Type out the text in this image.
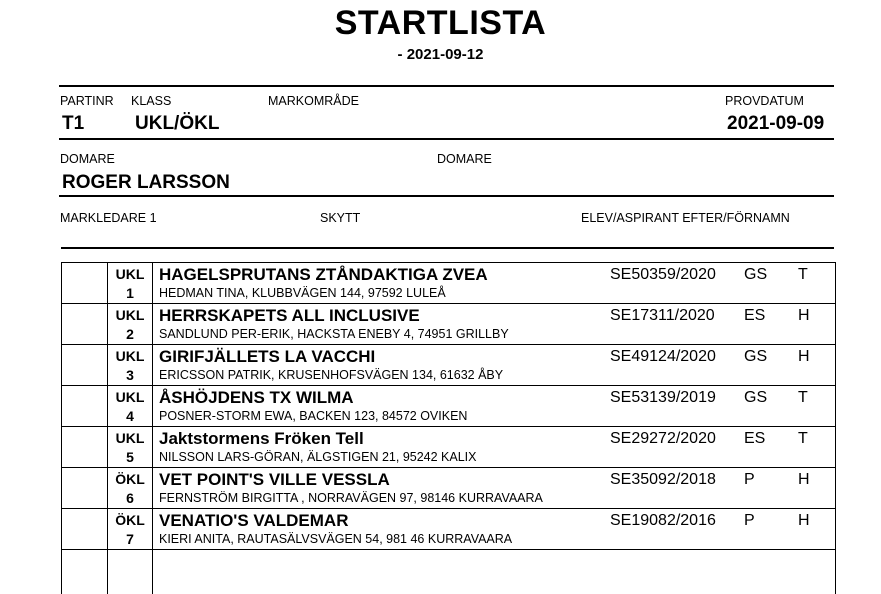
STARTLISTA
- 2021-09-12
PARTINR KLASS	MARKOMRÅDE	PROVDATUM
T1	UKL/ÖKL	2021-09-09
DOMARE	DOMARE
ROGER LARSSON
MARKLEDARE 1	SKYTT	ELEV/ASPIRANT EFTER/FÖRNAMN
UKL
1
HAGELSPRUTANS ZTÅNDAKTIGA ZVEA
HEDMAN TINA, KLUBBVÄGEN 144, 97592 LULEÅ
SE50359/2020 GS T
UKL
2
HERRSKAPETS ALL INCLUSIVE
SANDLUND PER-ERIK, HACKSTA ENEBY 4, 74951 GRILLBY
SE17311/2020 ES H
UKL
3
GIRIFJÄLLETS LA VACCHI
ERICSSON PATRIK, KRUSENHOFSVÄGEN 134, 61632 ÅBY
SE49124/2020 GS H
UKL
4
ÅSHÖJDENS TX WILMA
POSNER-STORM EWA, BACKEN 123, 84572 OVIKEN
SE53139/2019 GS T
UKL
5
Jaktstormens Fröken Tell
NILSSON LARS-GÖRAN, ÄLGSTIGEN 21, 95242 KALIX
SE29272/2020 ES T
ÖKL
6
VET POINT'S VILLE VESSLA
FERNSTRÖM BIRGITTA , NORRAVÄGEN 97, 98146 KURRAVAARA
SE35092/2018 P	H
ÖKL
7
VENATIO'S VALDEMAR
KIERI ANITA, RAUTASÄLVSVÄGEN 54, 981 46 KURRAVAARA
SE19082/2016 P	H
